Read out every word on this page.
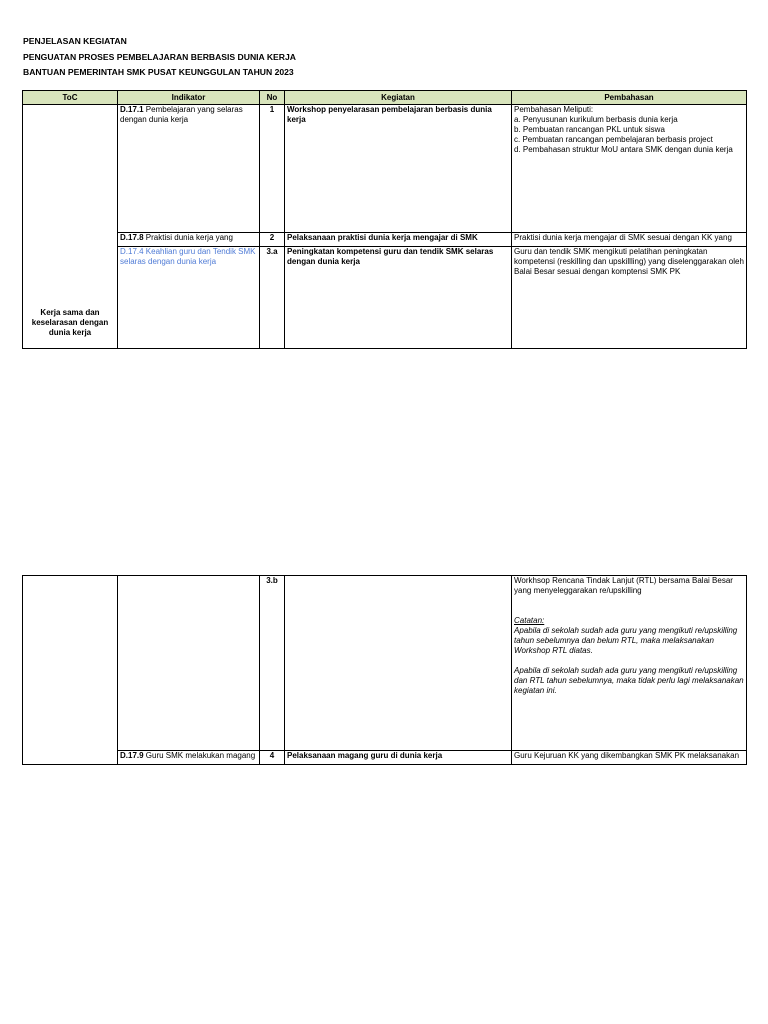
PENJELASAN KEGIATAN
PENGUATAN PROSES PEMBELAJARAN BERBASIS DUNIA KERJA
BANTUAN PEMERINTAH SMK PUSAT KEUNGGULAN TAHUN 2023
ToC	Indikator	No	Kegiatan	Pembahasan
Kerja sama dan keselarasan dengan dunia kerja	D.17.1 Pembelajaran yang selaras dengan dunia kerja	1	Workshop penyelarasan pembelajaran berbasis dunia kerja	Pembahasan Meliputi:
a. Penyusunan kurikulum berbasis dunia kerja
b. Pembuatan rancangan PKL untuk siswa
c. Pembuatan rancangan pembelajaran berbasis project
d. Pembahasan struktur MoU antara SMK dengan dunia kerja

	D.17.8 Praktisi dunia kerja yang	2	Pelaksanaan praktisi dunia kerja mengajar di SMK	Praktisi dunia kerja mengajar di SMK sesuai dengan KK yang

	D.17.4 Keahlian guru dan Tendik SMK selaras dengan dunia kerja	3.a	Peningkatan kompetensi guru dan tendik SMK selaras dengan dunia kerja	Guru dan tendik SMK mengikuti pelatihan peningkatan kompetensi (reskilling dan upskillling) yang diselenggarakan oleh Balai Besar sesuai dengan komptensi SMK PK
		3.b		Workhsop Rencana Tindak Lanjut (RTL) bersama Balai Besar yang menyeleggarakan re/upskilling
Catatan:
Apabila di sekolah sudah ada guru yang mengikuti re/upskilling tahun sebelumnya dan belum RTL, maka melaksanakan Workshop RTL diatas.
Apabila di sekolah sudah ada guru yang mengikuti re/upskilling dan RTL tahun sebelumnya, maka tidak perlu lagi melaksanakan kegiatan ini.

	D.17.9 Guru SMK melakukan magang	4	Pelaksanaan magang guru di dunia kerja	Guru Kejuruan KK yang dikembangkan SMK PK melaksanakan
